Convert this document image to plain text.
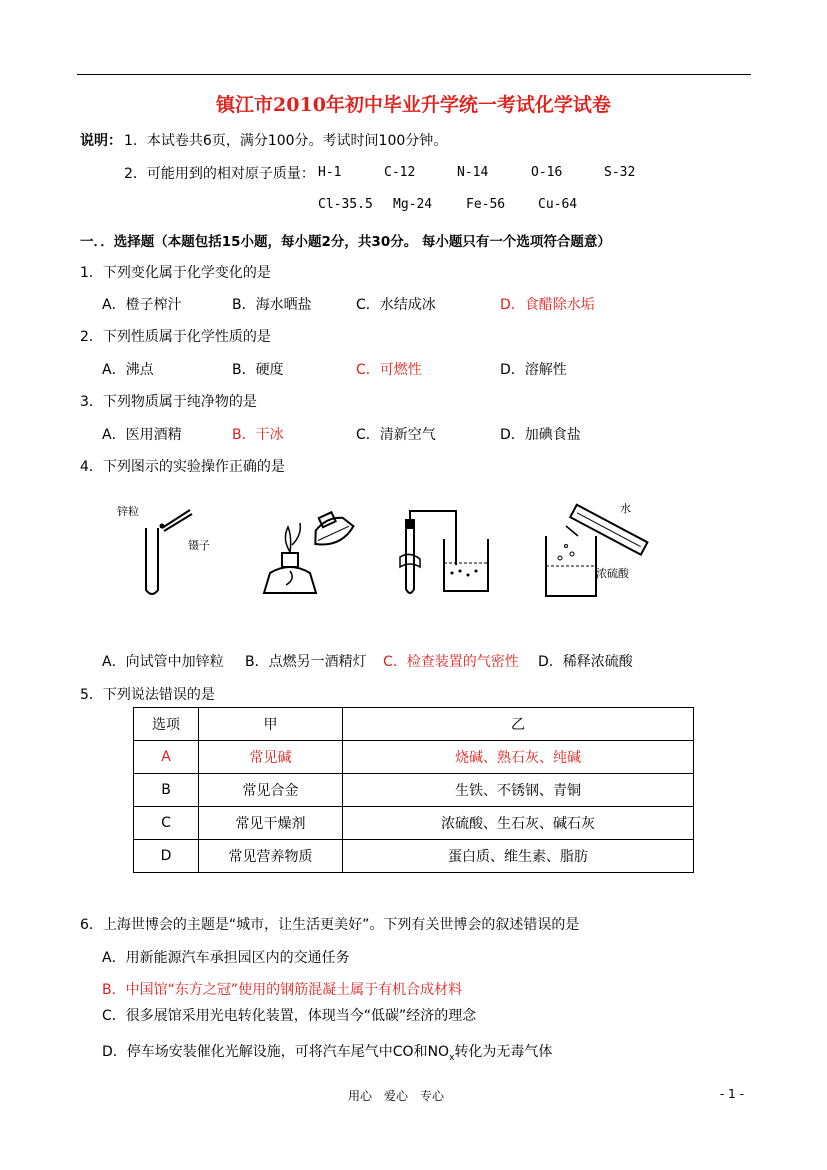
镇江市2010年初中毕业升学统一考试化学试卷
说明： 1．本试卷共6页，满分100分。考试时间100分钟。
2．可能用到的相对原子质量： H-1	C-12	N-14	O-16	S-32
Cl-35.5 Mg-24	Fe-56	Cu-64
一．．选择题（本题包括15小题，每小题2分，共30分。 每小题只有一个选项符合题意）
1．下列变化属于化学变化的是
A．橙子榨汁	B．海水晒盐	C．水结成冰	D．食醋除水垢
2．下列性质属于化学性质的是
A．沸点	B．硬度	C．可燃性	D．溶解性
3．下列物质属于纯净物的是
A．医用酒精	B．干冰	C．清新空气	D．加碘食盐
4．下列图示的实验操作正确的是
锌粒
镊子
水
浓硫酸
A．向试管中加锌粒 B．点燃另一酒精灯 C．检查装置的气密性 D．稀释浓硫酸
5．下列说法错误的是
选项	甲	乙
A	常见碱	烧碱、熟石灰、纯碱
B	常见合金	生铁、不锈钢、青铜
C	常见干燥剂	浓硫酸、生石灰、碱石灰
D	常见营养物质	蛋白质、维生素、脂肪
6．上海世博会的主题是“城市，让生活更美好”。下列有关世博会的叙述错误的是
A．用新能源汽车承担园区内的交通任务
B．中国馆“东方之冠”使用的钢筋混凝土属于有机合成材料
C．很多展馆采用光电转化装置，体现当今“低碳”经济的理念
D．停车场安装催化光解设施，可将汽车尾气中CO和$NO_x$转化为无毒气体
用心　爱心　专心	- 1 -
